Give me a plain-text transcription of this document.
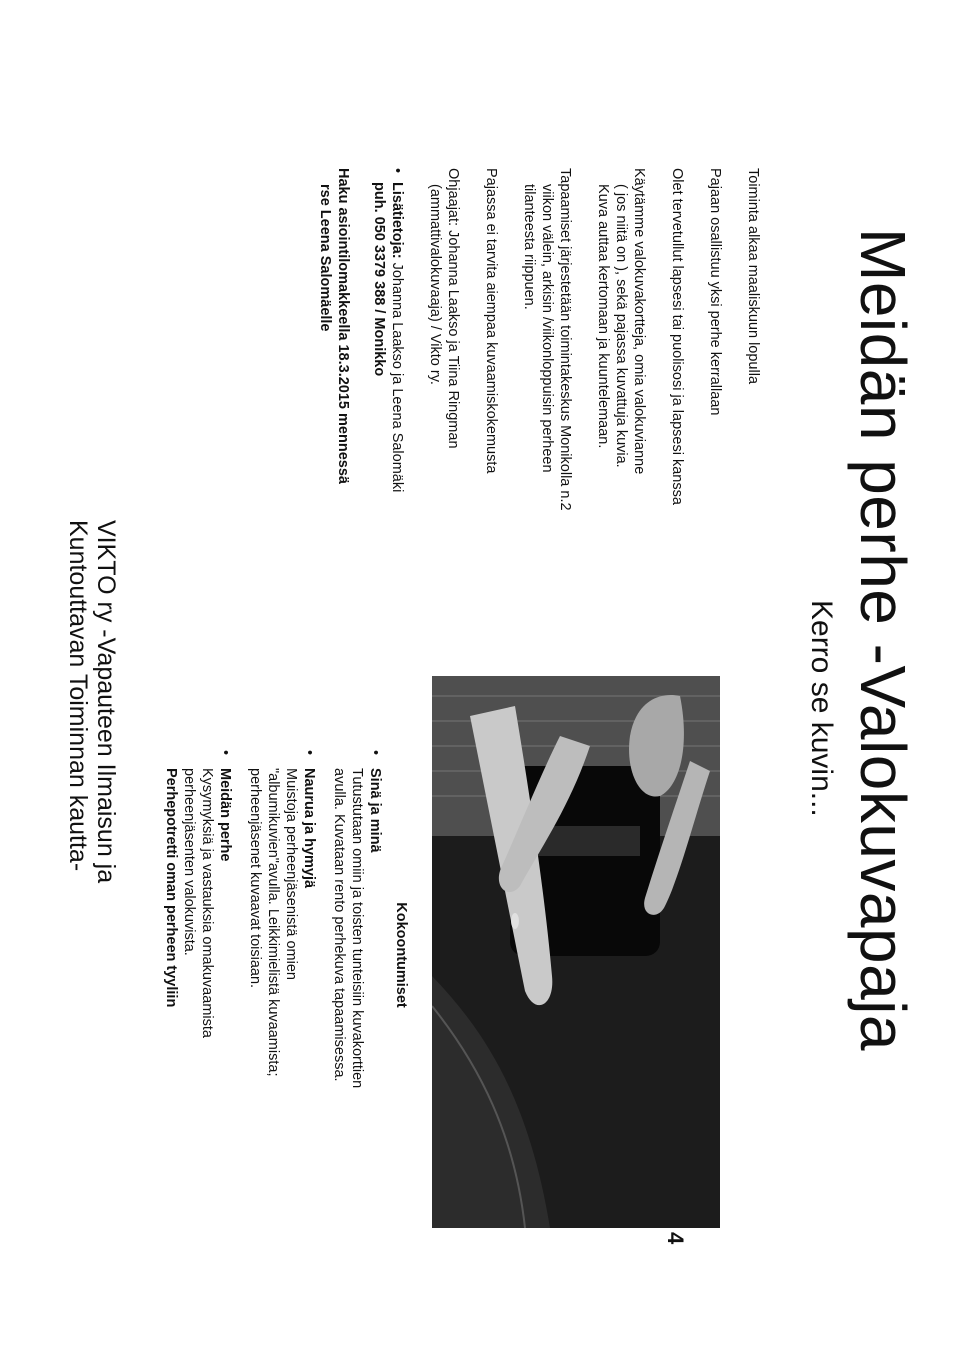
Meidän perhe -Valokuvapaja
Kerro se kuvin...
4

Toiminta alkaa maaliskuun lopulla

Pajaan osallistuu yksi perhe kerrallaan

Olet tervetullut lapsesi tai puolisosi ja lapsesi kanssa

Käytämme valokuvakortteja, omia valokuvianne

( jos niitä on ), sekä pajassa kuvattuja kuvia.
Kuva auttaa kertomaan ja kuuntelemaan.

Tapaamiset järjestetään toimintakeskus Monikolla n.2

viikon välein, arkisin /viikonloppuisin perheen
tilanteesta riippuen.

Pajassa ei tarvita aiempaa kuvaamiskokemusta

Ohjaajat: Johanna Laakso ja Tiina Ringman

(ammattivalokuvaaja) / Vikto ry.

•
Lisätietoja: Johanna Laakso ja Leena Salomäki
puh. 050 3379 388 / Monikko

Haku asiointilomakkeella 18.3.2015 mennessä

rse Leena Salomäelle

VIKTO ry -Vapauteen Ilmaisun ja
Kuntouttavan Toiminnan kautta-
Kokoontumiset
•
Sinä ja minä
Tutustutaan omiin ja toisten tunteisiin kuvakorttien
avulla. Kuvataan rento perhekuva tapaamisessa.
•
Naurua ja hymyjä
Muistoja perheenjäsenistä omien
"albumikuvien"avulla. Leikkimielistä kuvaamista;
perheenjäsenet kuvaavat toisiaan.
•
Meidän perhe
Kysymyksiä ja vastauksia omakuvaamista
perheenjäsenten valokuvista.
Perhepotretti oman perheen tyyliin
